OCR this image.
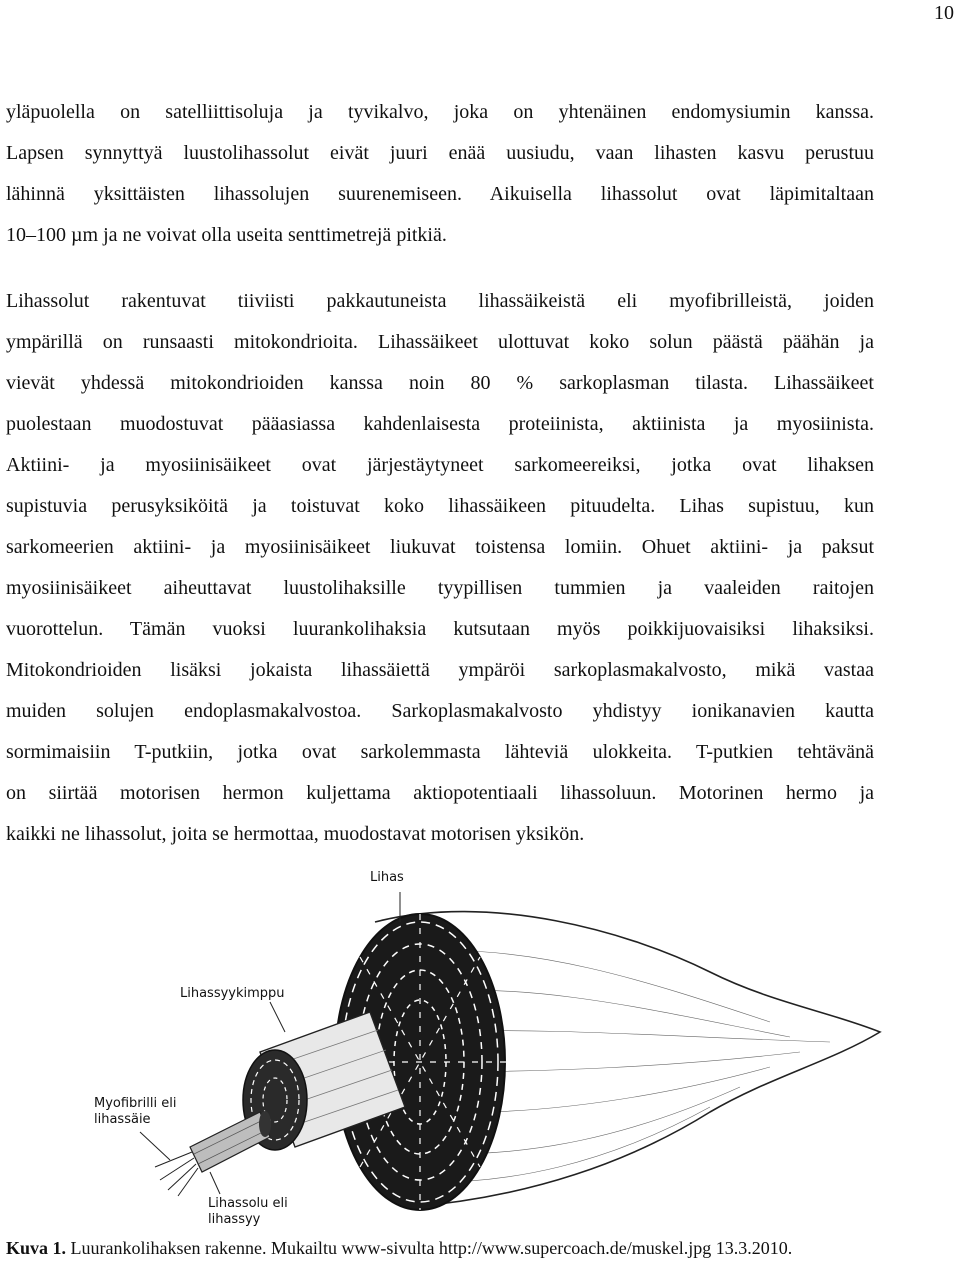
10

yläpuolella on satelliittisoluja ja tyvikalvo, joka on yhtenäinen endomysiumin kanssa.
Lapsen synnyttyä luustolihassolut eivät juuri enää uusiudu, vaan lihasten kasvu perustuu
lähinnä yksittäisten lihassolujen suurenemiseen. Aikuisella lihassolut ovat läpimitaltaan
10–100 µm ja ne voivat olla useita senttimetrejä pitkiä.

Lihassolut rakentuvat tiiviisti pakkautuneista lihassäikeistä eli myofibrilleistä, joiden
ympärillä on runsaasti mitokondrioita. Lihassäikeet ulottuvat koko solun päästä päähän ja
vievät yhdessä mitokondrioiden kanssa noin 80 % sarkoplasman tilasta. Lihassäikeet
puolestaan muodostuvat pääasiassa kahdenlaisesta proteiinista, aktiinista ja myosiinista.
Aktiini- ja myosiinisäikeet ovat järjestäytyneet sarkomeereiksi, jotka ovat lihaksen
supistuvia perusyksiköitä ja toistuvat koko lihassäikeen pituudelta. Lihas supistuu, kun
sarkomeerien aktiini- ja myosiinisäikeet liukuvat toistensa lomiin. Ohuet aktiini- ja paksut
myosiinisäikeet aiheuttavat luustolihaksille tyypillisen tummien ja vaaleiden raitojen
vuorottelun. Tämän vuoksi luurankolihaksia kutsutaan myös poikkijuovaisiksi lihaksiksi.
Mitokondrioiden lisäksi jokaista lihassäiettä ympäröi sarkoplasmakalvosto, mikä vastaa
muiden solujen endoplasmakalvostoa. Sarkoplasmakalvosto yhdistyy ionikanavien kautta
sormimaisiin T-putkiin, jotka ovat sarkolemmasta lähteviä ulokkeita. T-putkien tehtävänä
on siirtää motorisen hermon kuljettama aktiopotentiaali lihassoluun. Motorinen hermo ja
kaikki ne lihassolut, joita se hermottaa, muodostavat motorisen yksikön.

Lihas
Lihassyykimppu
Myofibrilli eli
lihassäie
Lihassolu eli
lihassyy
Kuva 1. Luurankolihaksen rakenne. Mukailtu www-sivulta http://www.supercoach.de/muskel.jpg 13.3.2010.
